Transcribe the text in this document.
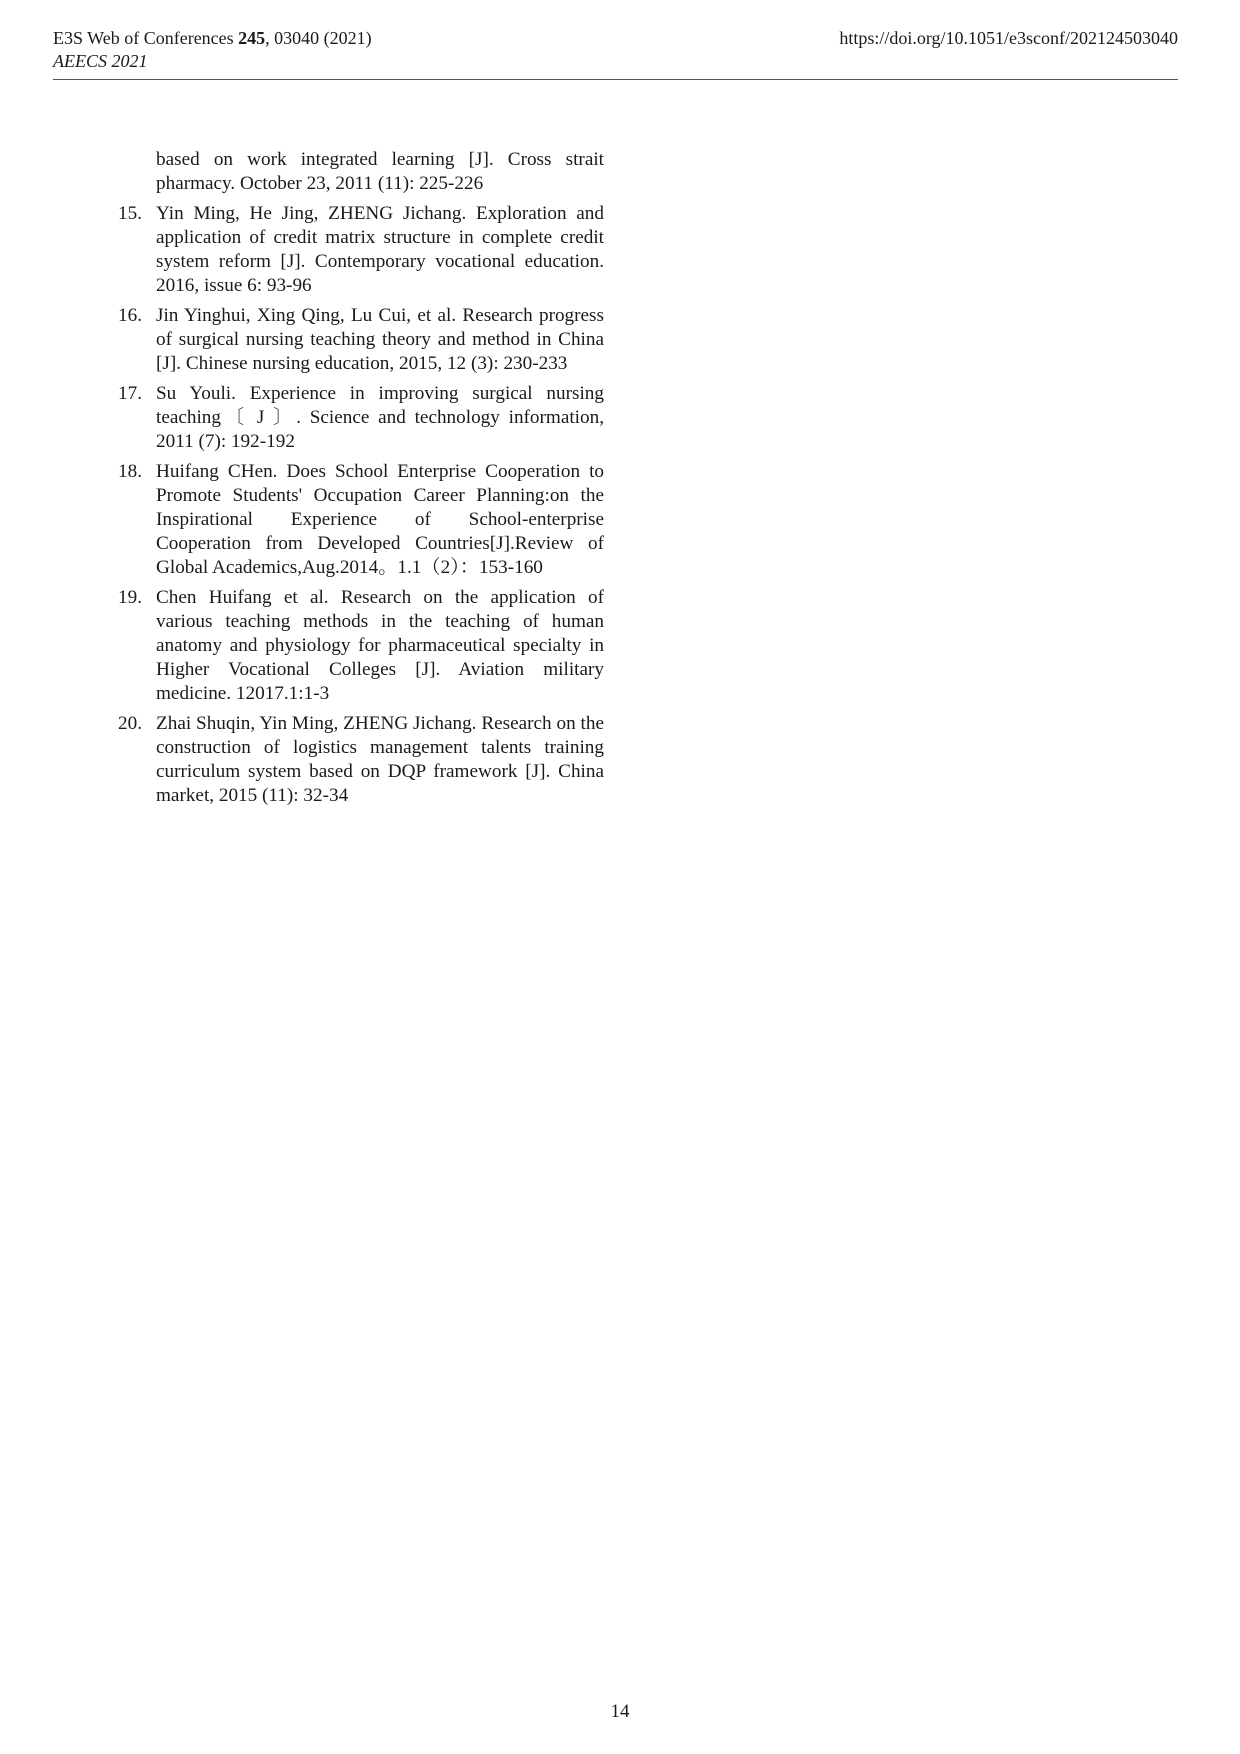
E3S Web of Conferences 245, 03040 (2021)
AEECS 2021
https://doi.org/10.1051/e3sconf/202124503040
based on work integrated learning [J]. Cross strait pharmacy. October 23, 2011 (11): 225-226
15. Yin Ming, He Jing, ZHENG Jichang. Exploration and application of credit matrix structure in complete credit system reform [J]. Contemporary vocational education. 2016, issue 6: 93-96
16. Jin Yinghui, Xing Qing, Lu Cui, et al. Research progress of surgical nursing teaching theory and method in China [J]. Chinese nursing education, 2015, 12 (3): 230-233
17. Su Youli. Experience in improving surgical nursing teaching〔 J 〕. Science and technology information, 2011 (7): 192-192
18. Huifang CHen. Does School Enterprise Cooperation to Promote Students' Occupation Career Planning:on the Inspirational Experience of School-enterprise Cooperation from Developed Countries[J].Review of Global Academics,Aug.2014。1.1（2）：153-160
19. Chen Huifang et al. Research on the application of various teaching methods in the teaching of human anatomy and physiology for pharmaceutical specialty in Higher Vocational Colleges [J]. Aviation military medicine. 12017.1:1-3
20. Zhai Shuqin, Yin Ming, ZHENG Jichang. Research on the construction of logistics management talents training curriculum system based on DQP framework [J]. China market, 2015 (11): 32-34
14
